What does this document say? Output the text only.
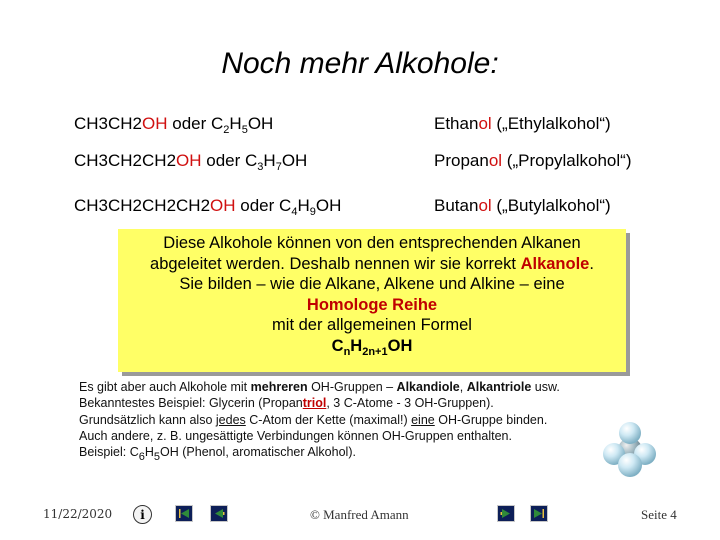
Noch mehr Alkohole:
CH3CH2OH oder $C_2H_5OH$	Ethanol („Ethylalkohol“)
CH3CH2CH2OH oder $C_3H_7OH$	Propanol („Propylalkohol“)
CH3CH2CH2CH2OH oder $C_4H_9OH$	Butanol („Butylalkohol“)
Diese Alkohole können von den entsprechenden Alkanen
abgeleitet werden. Deshalb nennen wir sie korrekt Alkanole.
Sie bilden – wie die Alkane, Alkene und Alkine – eine
Homologe Reihe
mit der allgemeinen Formel
$C_nH_{2n+1}OH$
Es gibt aber auch Alkohole mit mehreren OH-Gruppen – Alkandiole, Alkantriole usw.
Bekanntestes Beispiel: Glycerin (Propantriol, 3 C-Atome - 3 OH-Gruppen).
Grundsätzlich kann also jedes C-Atom der Kette (maximal!) eine OH-Gruppe binden.
Auch andere, z. B. ungesättigte Verbindungen können OH-Gruppen enthalten.
Beispiel: $C_6H_5OH$ (Phenol, aromatischer Alkohol).
11/22/2020 i	© Manfred Amann	Seite 4
